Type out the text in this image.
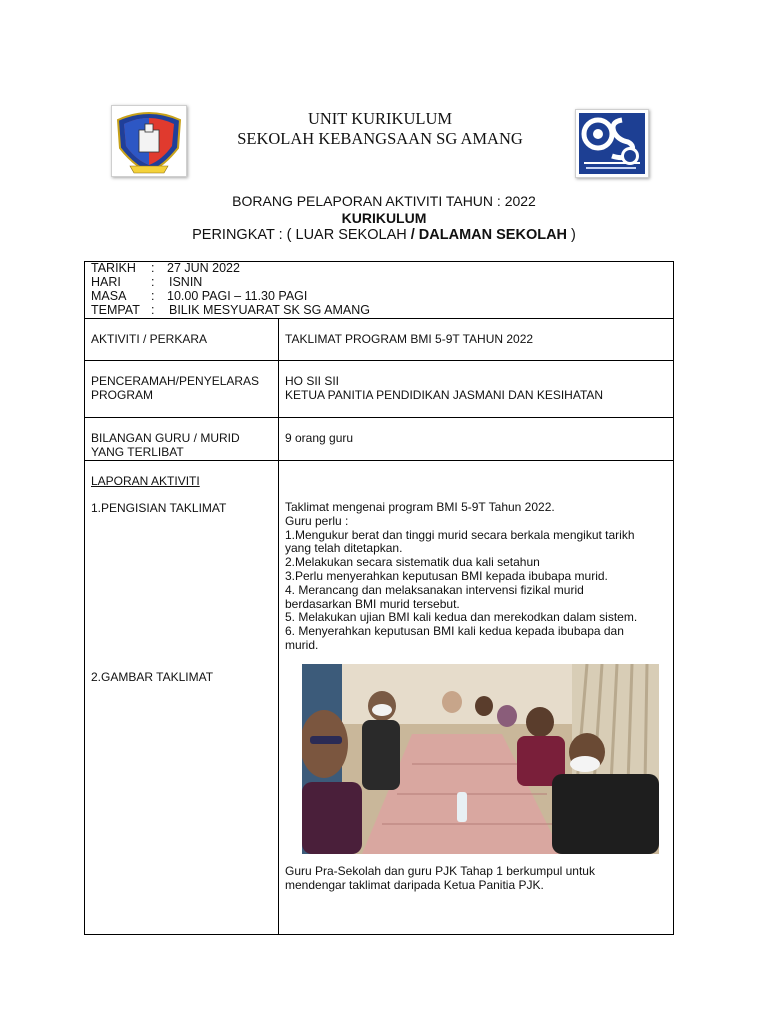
UNIT KURIKULUM
SEKOLAH KEBANGSAAN SG AMANG
BORANG PELAPORAN AKTIVITI TAHUN : 2022
KURIKULUM
PERINGKAT : ( LUAR SEKOLAH / DALAMAN SEKOLAH )
TARIKH : 27 JUN 2022
HARI : ISNIN
MASA : 10.00 PAGI – 11.30 PAGI
TEMPAT : BILIK MESYUARAT SK SG AMANG
AKTIVITI / PERKARA	TAKLIMAT PROGRAM BMI 5-9T TAHUN 2022
PENCERAMAH/PENYELARAS
PROGRAM
HO SII SII
KETUA PANITIA PENDIDIKAN JASMANI DAN KESIHATAN
BILANGAN GURU / MURID
YANG TERLIBAT
9 orang guru
LAPORAN AKTIVITI
1.PENGISIAN TAKLIMAT
2.GAMBAR TAKLIMAT
Taklimat mengenai program BMI 5-9T Tahun 2022.
Guru perlu :
1.Mengukur berat dan tinggi murid secara berkala mengikut tarikh
yang telah ditetapkan.
2.Melakukan secara sistematik dua kali setahun
3.Perlu menyerahkan keputusan BMI kepada ibubapa murid.
4. Merancang dan melaksanakan intervensi fizikal murid
berdasarkan BMI murid tersebut.
5. Melakukan ujian BMI kali kedua dan merekodkan dalam sistem.
6. Menyerahkan keputusan BMI kali kedua kepada ibubapa dan
murid.
Guru Pra-Sekolah dan guru PJK Tahap 1 berkumpul untuk
mendengar taklimat daripada Ketua Panitia PJK.
